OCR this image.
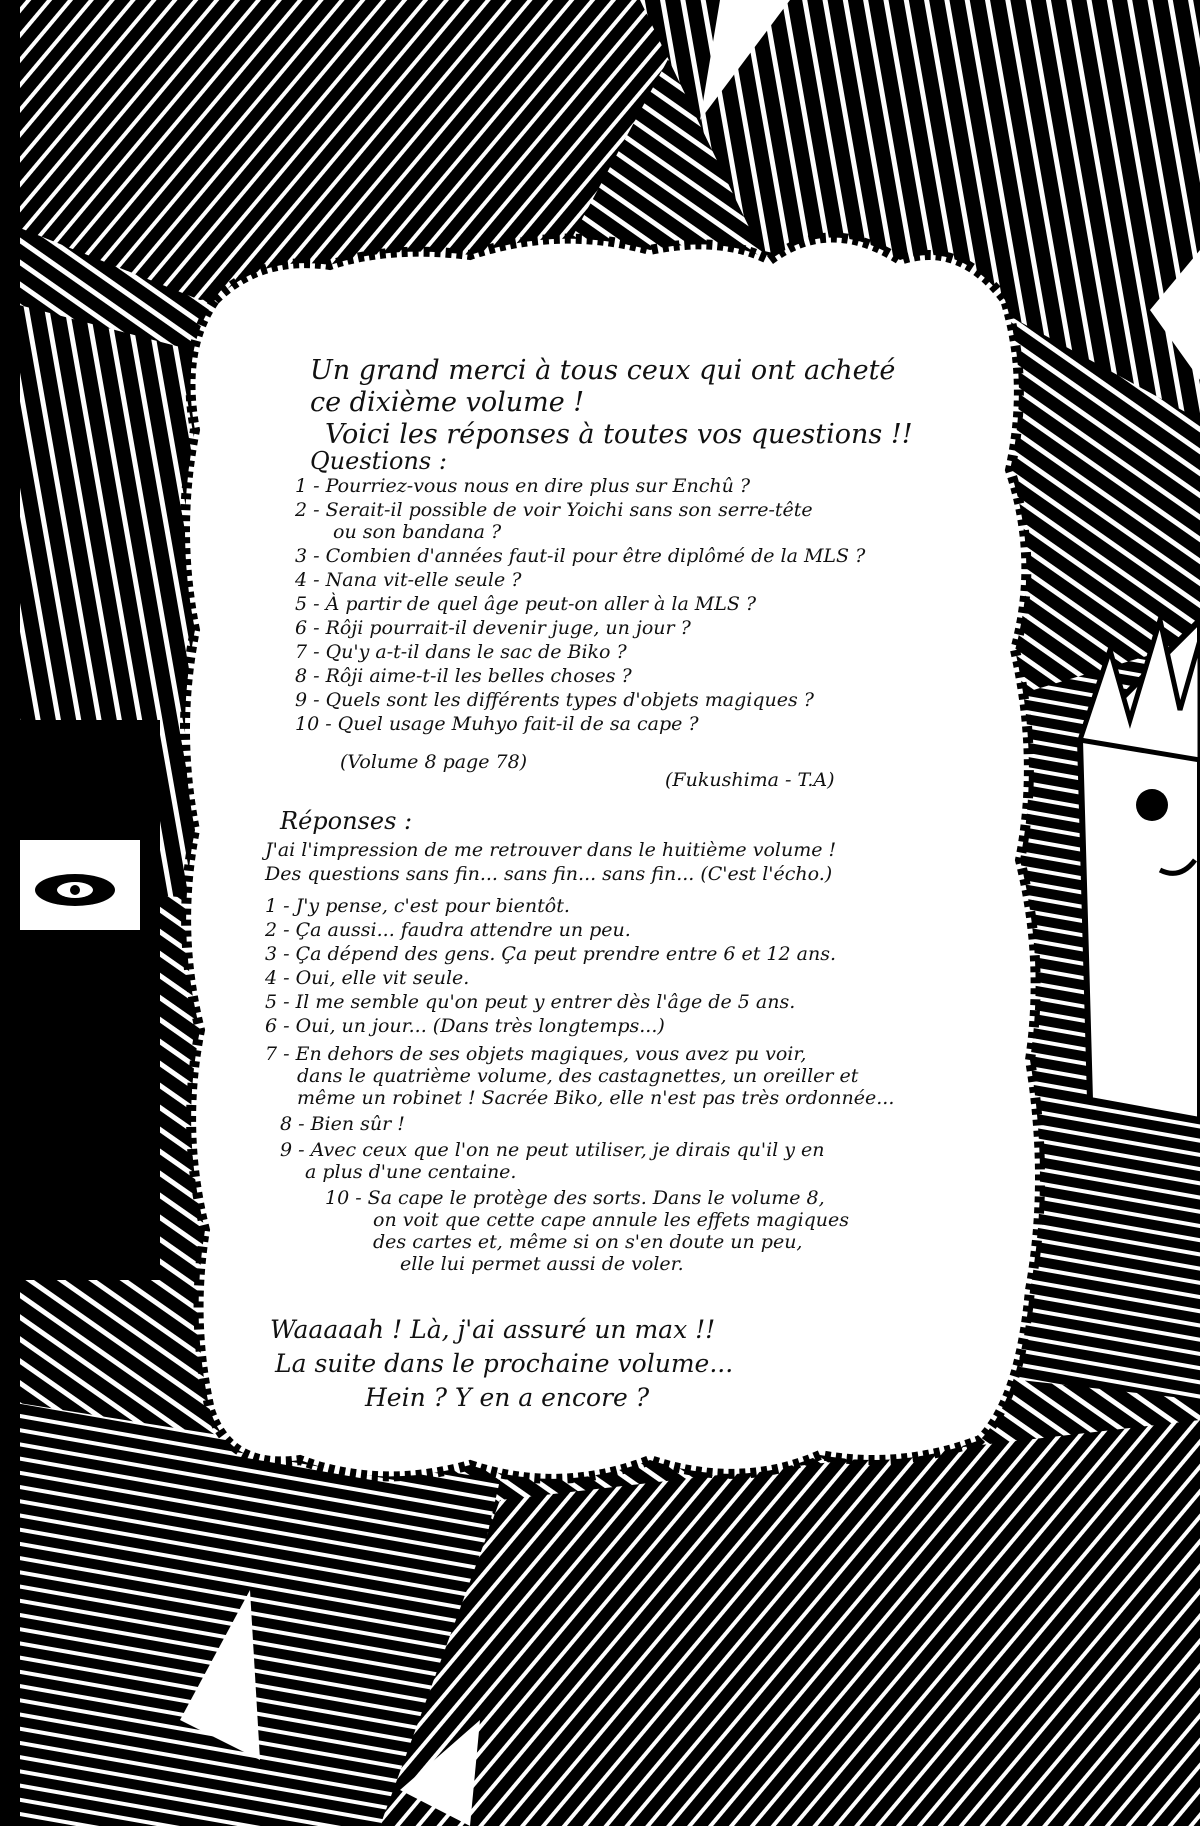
Un grand merci à tous ceux qui ont acheté
ce dixième volume !
Voici les réponses à toutes vos questions !!
Questions :
1 - Pourriez-vous nous en dire plus sur Enchû ?
2 - Serait-il possible de voir Yoichi sans son serre-tête
ou son bandana ?
3 - Combien d'années faut-il pour être diplômé de la MLS ?
4 - Nana vit-elle seule ?
5 - À partir de quel âge peut-on aller à la MLS ?
6 - Rôji pourrait-il devenir juge, un jour ?
7 - Qu'y a-t-il dans le sac de Biko ?
8 - Rôji aime-t-il les belles choses ?
9 - Quels sont les différents types d'objets magiques ?
10 - Quel usage Muhyo fait-il de sa cape ?
(Volume 8 page 78)
(Fukushima - T.A)
Réponses :
J'ai l'impression de me retrouver dans le huitième volume !
Des questions sans fin... sans fin... sans fin... (C'est l'écho.)
1 - J'y pense, c'est pour bientôt.
2 - Ça aussi... faudra attendre un peu.
3 - Ça dépend des gens. Ça peut prendre entre 6 et 12 ans.
4 - Oui, elle vit seule.
5 - Il me semble qu'on peut y entrer dès l'âge de 5 ans.
6 - Oui, un jour... (Dans très longtemps...)
7 - En dehors de ses objets magiques, vous avez pu voir,
dans le quatrième volume, des castagnettes, un oreiller et
même un robinet ! Sacrée Biko, elle n'est pas très ordonnée...
8 - Bien sûr !
9 - Avec ceux que l'on ne peut utiliser, je dirais qu'il y en
a plus d'une centaine.
10 - Sa cape le protège des sorts. Dans le volume 8,
on voit que cette cape annule les effets magiques
des cartes et, même si on s'en doute un peu,
elle lui permet aussi de voler.
Waaaaah ! Là, j'ai assuré un max !!
La suite dans le prochaine volume...
Hein ? Y en a encore ?
